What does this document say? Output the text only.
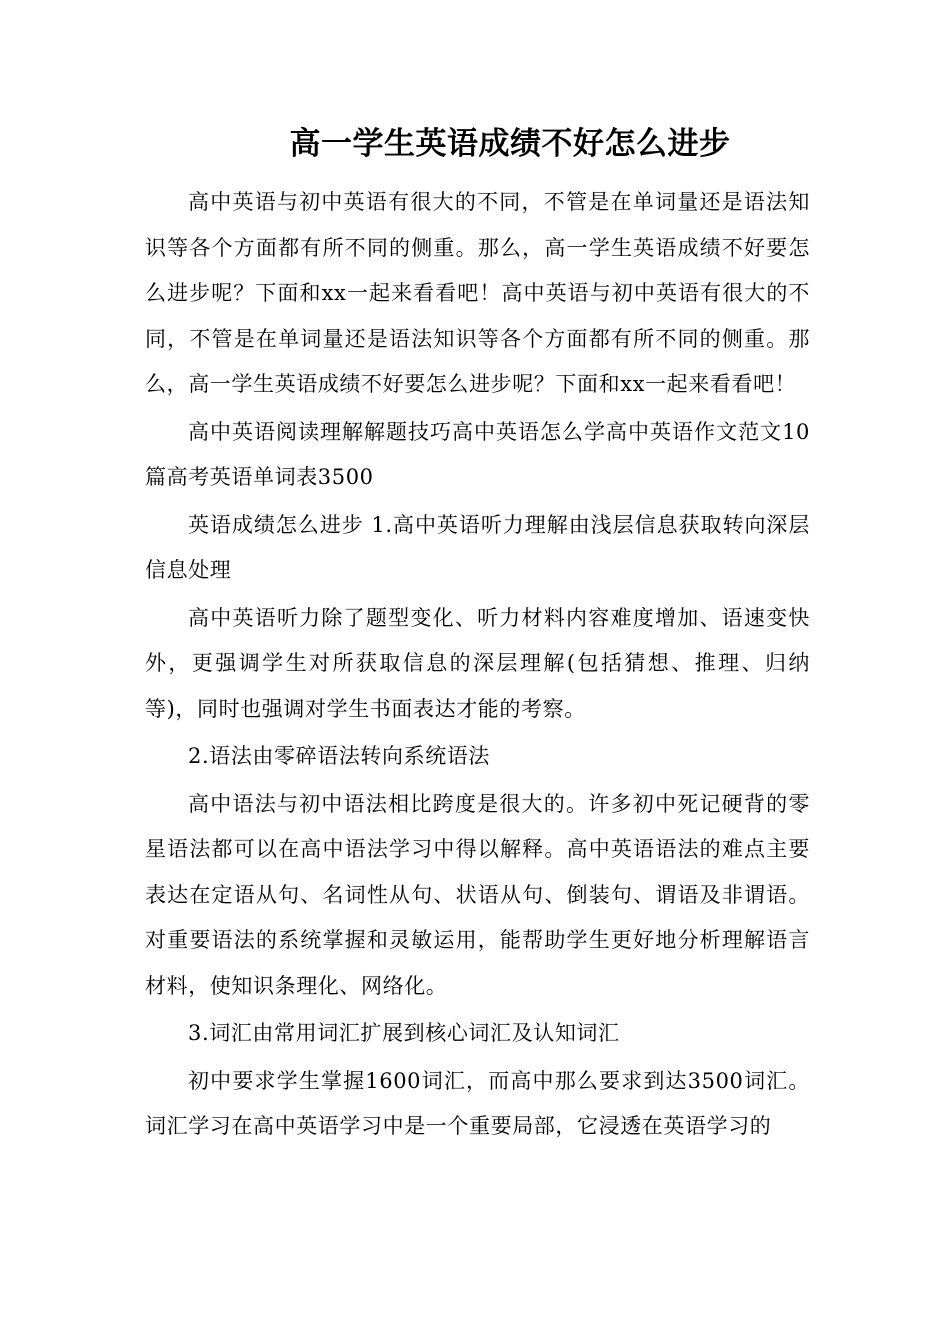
高一学生英语成绩不好怎么进步

高中英语与初中英语有很大的不同，不管是在单词量还是语法知识等各个方面都有所不同的侧重。那么，高一学生英语成绩不好要怎么进步呢？下面和xx一起来看看吧！高中英语与初中英语有很大的不同，不管是在单词量还是语法知识等各个方面都有所不同的侧重。那么，高一学生英语成绩不好要怎么进步呢？下面和xx一起来看看吧！

高中英语阅读理解解题技巧高中英语怎么学高中英语作文范文10篇高考英语单词表3500

英语成绩怎么进步 1.高中英语听力理解由浅层信息获取转向深层信息处理

高中英语听力除了题型变化、听力材料内容难度增加、语速变快外，更强调学生对所获取信息的深层理解(包括猜想、推理、归纳等)，同时也强调对学生书面表达才能的考察。

2.语法由零碎语法转向系统语法

高中语法与初中语法相比跨度是很大的。许多初中死记硬背的零星语法都可以在高中语法学习中得以解释。高中英语语法的难点主要表达在定语从句、名词性从句、状语从句、倒装句、谓语及非谓语。对重要语法的系统掌握和灵敏运用，能帮助学生更好地分析理解语言材料，使知识条理化、网络化。

3.词汇由常用词汇扩展到核心词汇及认知词汇

初中要求学生掌握1600词汇，而高中那么要求到达3500词汇。词汇学习在高中英语学习中是一个重要局部，它浸透在英语学习的
